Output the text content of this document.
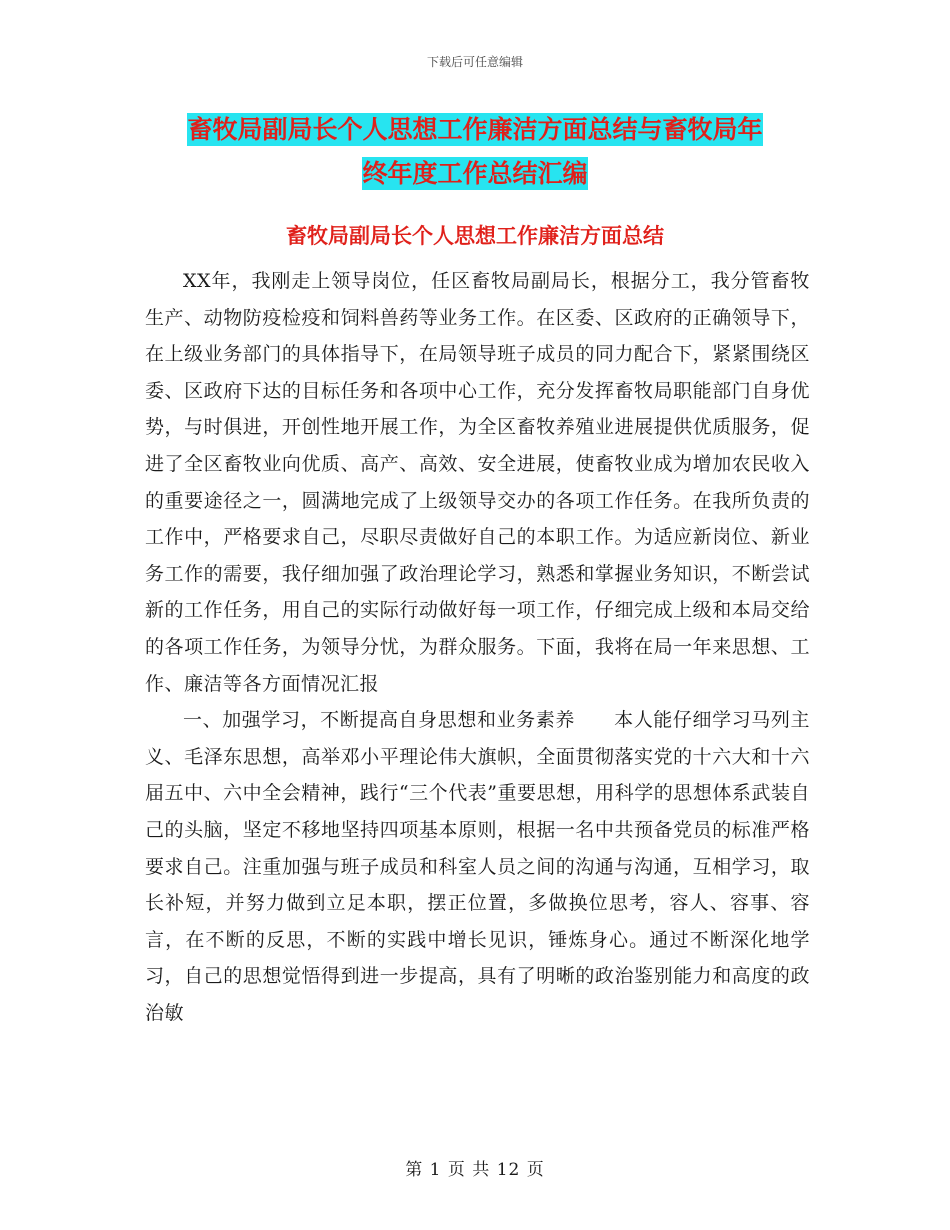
下载后可任意编辑
畜牧局副局长个人思想工作廉洁方面总结与畜牧局年
终年度工作总结汇编
畜牧局副局长个人思想工作廉洁方面总结

XX年，我刚走上领导岗位，任区畜牧局副局长，根据分工，我分管畜牧生产、动物防疫检疫和饲料兽药等业务工作。在区委、区政府的正确领导下，在上级业务部门的具体指导下，在局领导班子成员的同力配合下，紧紧围绕区委、区政府下达的目标任务和各项中心工作，充分发挥畜牧局职能部门自身优势，与时俱进，开创性地开展工作，为全区畜牧养殖业进展提供优质服务，促进了全区畜牧业向优质、高产、高效、安全进展，使畜牧业成为增加农民收入的重要途径之一，圆满地完成了上级领导交办的各项工作任务。在我所负责的工作中，严格要求自己，尽职尽责做好自己的本职工作。为适应新岗位、新业务工作的需要，我仔细加强了政治理论学习，熟悉和掌握业务知识，不断尝试新的工作任务，用自己的实际行动做好每一项工作，仔细完成上级和本局交给的各项工作任务，为领导分忧，为群众服务。下面，我将在局一年来思想、工作、廉洁等各方面情况汇报

一、加强学习，不断提高自身思想和业务素养　　本人能仔细学习马列主义、毛泽东思想，高举邓小平理论伟大旗帜，全面贯彻落实党的十六大和十六届五中、六中全会精神，践行“三个代表”重要思想，用科学的思想体系武装自己的头脑，坚定不移地坚持四项基本原则，根据一名中共预备党员的标准严格要求自己。注重加强与班子成员和科室人员之间的沟通与沟通，互相学习，取长补短，并努力做到立足本职，摆正位置，多做换位思考，容人、容事、容言，在不断的反思，不断的实践中增长见识，锤炼身心。通过不断深化地学习，自己的思想觉悟得到进一步提高，具有了明晰的政治鉴别能力和高度的政治敏

第 1 页 共 12 页
